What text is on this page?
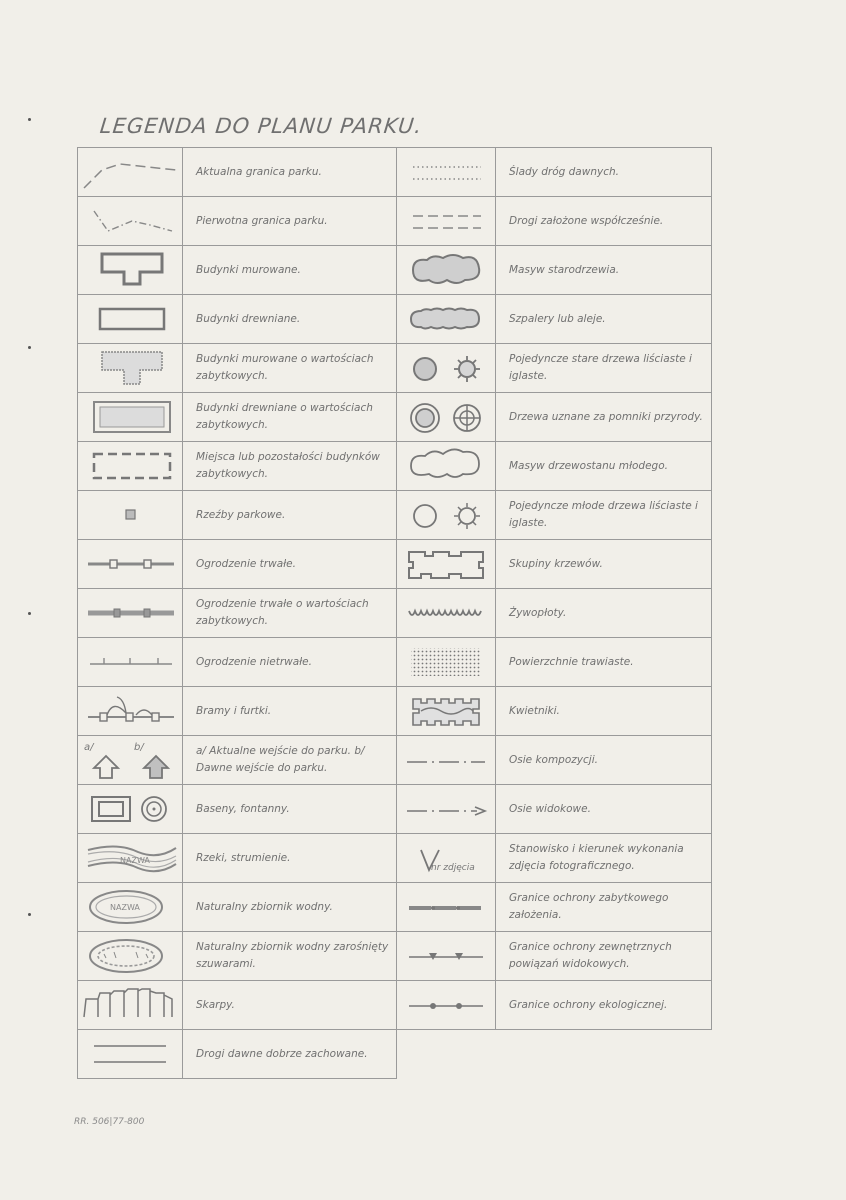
LEGENDA DO PLANU PARKU.
	Aktualna granica parku.		Ślady dróg dawnych.

	Pierwotna granica parku.		Drogi założone współcześnie.

	Budynki murowane.		Masyw starodrzewia.

	Budynki drewniane.		Szpalery lub aleje.

	Budynki murowane o wartościach zabytkowych.		Pojedyncze stare drzewa liściaste i iglaste.

	Budynki drewniane o wartościach zabytkowych.		Drzewa uznane za pomniki przyrody.

	Miejsca lub pozostałości budynków zabytkowych.		Masyw drzewostanu młodego.

	Rzeźby parkowe.		Pojedyncze młode drzewa liściaste i iglaste.

	Ogrodzenie trwałe.		Skupiny krzewów.

	Ogrodzenie trwałe o wartościach zabytkowych.		Żywopłoty.

	Ogrodzenie nietrwałe.		Powierzchnie trawiaste.

	Bramy i furtki.		Kwietniki.

a/ b/	a/ Aktualne wejście do parku. b/ Dawne wejście do parku.		Osie kompozycji.

	Baseny, fontanny.		Osie widokowe.

NAZWA	Rzeki, strumienie.	nr zdjęcia	Stanowisko i kierunek wykonania zdjęcia fotograficznego.

NAZWA	Naturalny zbiornik wodny.		Granice ochrony zabytkowego założenia.

	Naturalny zbiornik wodny zarośnięty szuwarami.		Granice ochrony zewnętrznych powiązań widokowych.

	Skarpy.		Granice ochrony ekologicznej.

	Drogi dawne dobrze zachowane.		
RR. 506|77-800
